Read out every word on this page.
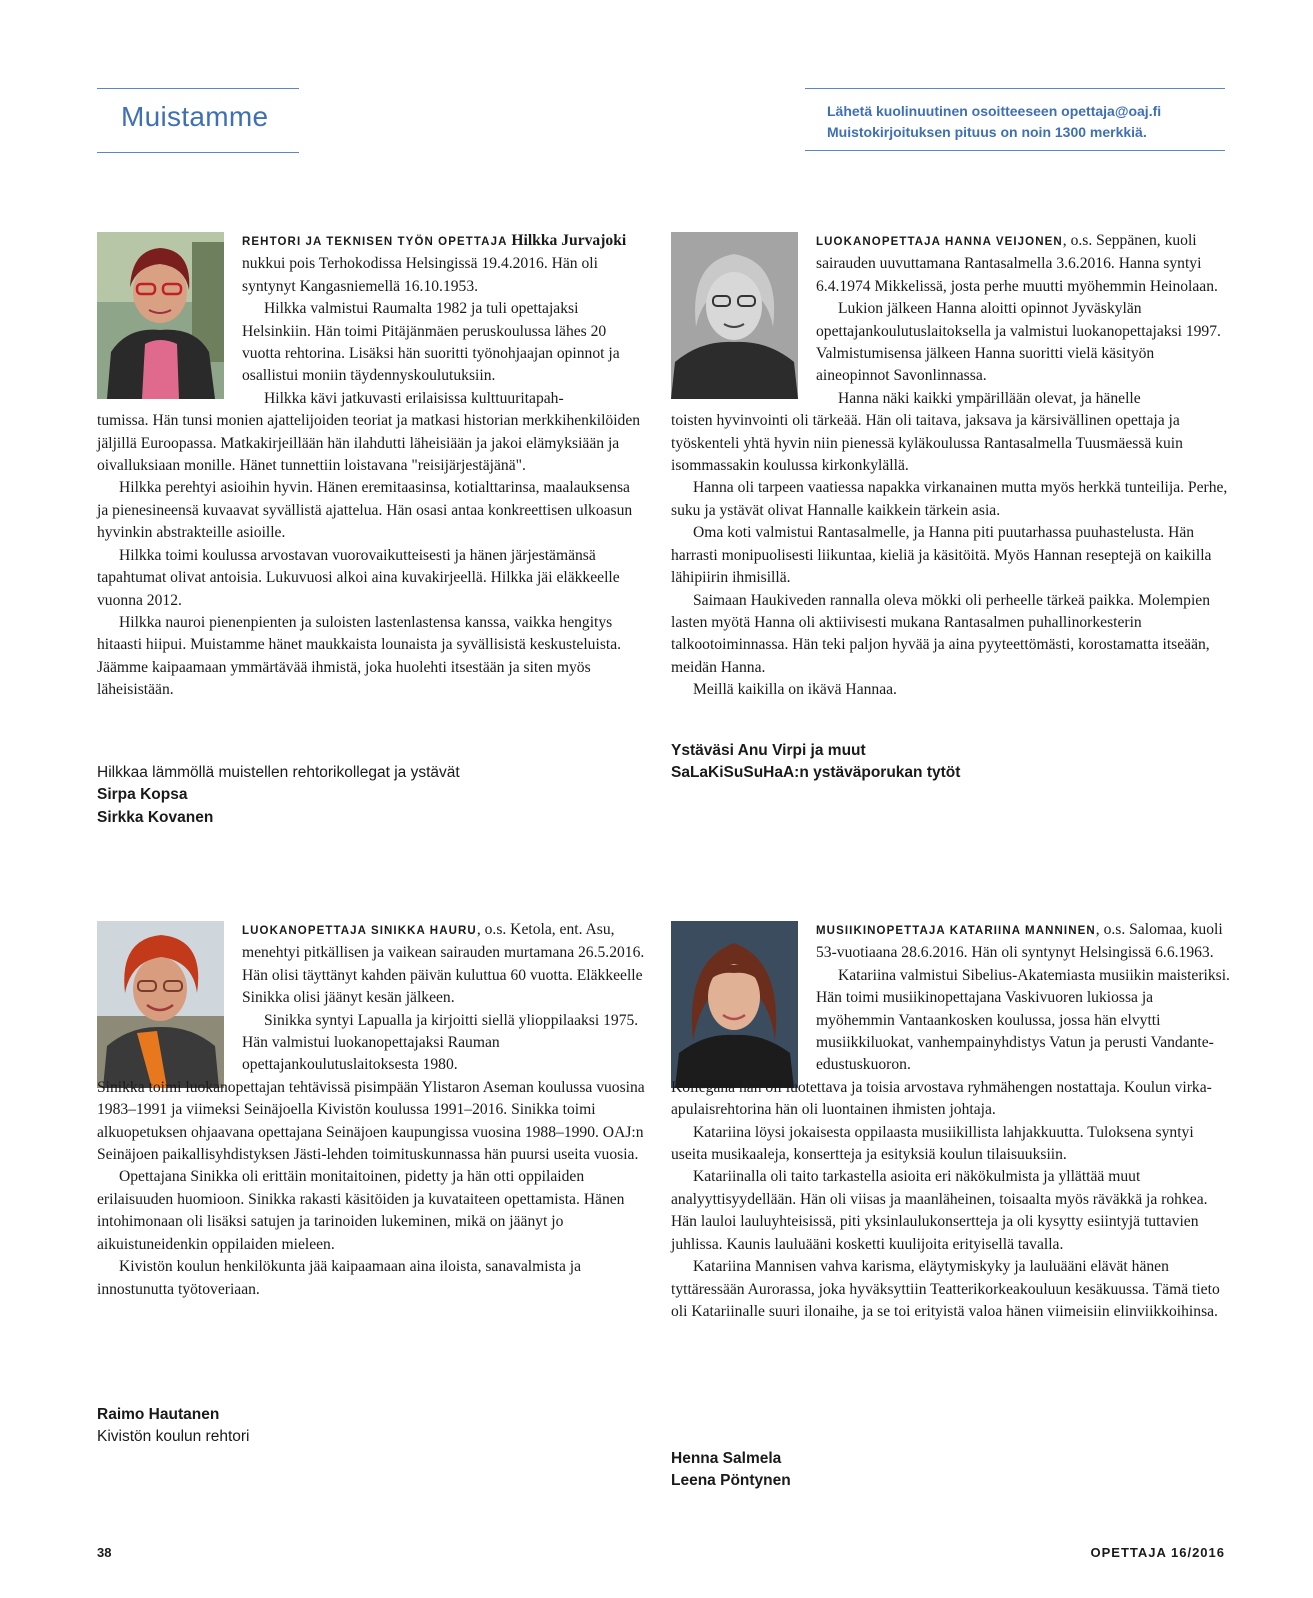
Muistamme	Lähetä kuolinuutinen osoitteeseen opettaja@oaj.fi
Muistokirjoituksen pituus on noin 1300 merkkiä.

REHTORI JA TEKNISEN TYÖN OPETTAJA Hilkka Jurvajoki nukkui pois Terhokodissa Helsingissä 19.4.2016. Hän oli syntynyt Kangasniemellä 16.10.1953.

Hilkka valmistui Raumalta 1982 ja tuli opettajaksi Helsinkiin. Hän toimi Pitäjänmäen peruskoulussa lähes 20 vuotta rehtorina. Lisäksi hän suoritti työnohjaajan opinnot ja osallistui moniin täydennyskoulutuksiin.

Hilkka kävi jatkuvasti erilaisissa kulttuuritapah-

tumissa. Hän tunsi monien ajattelijoiden teoriat ja matkasi historian merkkihenkilöiden jäljillä Euroopassa. Matkakirjeillään hän ilahdutti läheisiään ja jakoi elämyksiään ja oivalluksiaan monille. Hänet tunnettiin loistavana "reisijärjestäjänä".

Hilkka perehtyi asioihin hyvin. Hänen eremitaasinsa, kotialttarinsa, maalauksensa ja pienesineensä kuvaavat syvällistä ajattelua. Hän osasi antaa konkreettisen ulkoasun hyvinkin abstrakteille asioille.

Hilkka toimi koulussa arvostavan vuorovaikutteisesti ja hänen järjestämänsä tapahtumat olivat antoisia. Lukuvuosi alkoi aina kuvakirjeellä. Hilkka jäi eläkkeelle vuonna 2012.

Hilkka nauroi pienenpienten ja suloisten lastenlastensa kanssa, vaikka hengitys hitaasti hiipui. Muistamme hänet maukkaista lounaista ja syvällisistä keskusteluista. Jäämme kaipaamaan ymmärtävää ihmistä, joka huolehti itsestään ja siten myös läheisistään.

Hilkkaa lämmöllä muistellen rehtorikollegat ja ystävät
Sirpa Kopsa
Sirkka Kovanen

LUOKANOPETTAJA HANNA VEIJONEN, o.s. Seppänen, kuoli sairauden uuvuttamana Rantasalmella 3.6.2016. Hanna syntyi 6.4.1974 Mikkelissä, josta perhe muutti myöhemmin Heinolaan.

Lukion jälkeen Hanna aloitti opinnot Jyväskylän opettajankoulutuslaitoksella ja valmistui luokanopettajaksi 1997. Valmistumisensa jälkeen Hanna suoritti vielä käsityön aineopinnot Savonlinnassa.

Hanna näki kaikki ympärillään olevat, ja hänelle

toisten hyvinvointi oli tärkeää. Hän oli taitava, jaksava ja kärsivällinen opettaja ja työskenteli yhtä hyvin niin pienessä kyläkoulussa Rantasalmella Tuusmäessä kuin isommassakin koulussa kirkonkylällä.

Hanna oli tarpeen vaatiessa napakka virkanainen mutta myös herkkä tunteilija. Perhe, suku ja ystävät olivat Hannalle kaikkein tärkein asia.

Oma koti valmistui Rantasalmelle, ja Hanna piti puutarhassa puuhastelusta. Hän harrasti monipuolisesti liikuntaa, kieliä ja käsitöitä. Myös Hannan reseptejä on kaikilla lähipiirin ihmisillä.

Saimaan Haukiveden rannalla oleva mökki oli perheelle tärkeä paikka. Molempien lasten myötä Hanna oli aktiivisesti mukana Rantasalmen puhallinorkesterin talkootoiminnassa. Hän teki paljon hyvää ja aina pyyteettömästi, korostamatta itseään, meidän Hanna.

Meillä kaikilla on ikävä Hannaa.

Ystäväsi Anu Virpi ja muut
SaLaKiSuSuHaA:n ystäväporukan tytöt

LUOKANOPETTAJA SINIKKA HAURU, o.s. Ketola, ent. Asu, menehtyi pitkällisen ja vaikean sairauden murtamana 26.5.2016. Hän olisi täyttänyt kahden päivän kuluttua 60 vuotta. Eläkkeelle Sinikka olisi jäänyt kesän jälkeen.

Sinikka syntyi Lapualla ja kirjoitti siellä ylioppilaaksi 1975. Hän valmistui luokanopettajaksi Rauman opettajankoulutuslaitoksesta 1980.

Sinikka toimi luokanopettajan tehtävissä pisimpään Ylistaron Aseman koulussa vuosina 1983–1991 ja viimeksi Seinäjoella Kivistön koulussa 1991–2016. Sinikka toimi alkuopetuksen ohjaavana opettajana Seinäjoen kaupungissa vuosina 1988–1990. OAJ:n Seinäjoen paikallisyhdistyksen Jästi-lehden toimituskunnassa hän puursi useita vuosia.

Opettajana Sinikka oli erittäin monitaitoinen, pidetty ja hän otti oppilaiden erilaisuuden huomioon. Sinikka rakasti käsitöiden ja kuvataiteen opettamista. Hänen intohimonaan oli lisäksi satujen ja tarinoiden lukeminen, mikä on jäänyt jo aikuistuneidenkin oppilaiden mieleen.

Kivistön koulun henkilökunta jää kaipaamaan aina iloista, sanavalmista ja innostunutta työtoveriaan.

Raimo Hautanen
Kivistön koulun rehtori

MUSIIKINOPETTAJA KATARIINA MANNINEN, o.s. Salomaa, kuoli 53-vuotiaana 28.6.2016. Hän oli syntynyt Helsingissä 6.6.1963.

Katariina valmistui Sibelius-Akatemiasta musiikin maisteriksi. Hän toimi musiikinopettajana Vaskivuoren lukiossa ja myöhemmin Vantaankosken koulussa, jossa hän elvytti musiikkiluokat, vanhempainyhdistys Vatun ja perusti Vandante-edustuskuoron.

Kollegana hän oli luotettava ja toisia arvostava ryhmähengen nostattaja. Koulun virka-apulaisrehtorina hän oli luontainen ihmisten johtaja.

Katariina löysi jokaisesta oppilaasta musiikillista lahjakkuutta. Tuloksena syntyi useita musikaaleja, konsertteja ja esityksiä koulun tilaisuuksiin.

Katariinalla oli taito tarkastella asioita eri näkökulmista ja yllättää muut analyyttisyydellään. Hän oli viisas ja maanläheinen, toisaalta myös räväkkä ja rohkea. Hän lauloi lauluyhteisissä, piti yksinlaulukonsertteja ja oli kysytty esiintyjä tuttavien juhlissa. Kaunis lauluääni kosketti kuulijoita erityisellä tavalla.

Katariina Mannisen vahva karisma, eläytymiskyky ja lauluääni elävät hänen tyttäressään Aurorassa, joka hyväksyttiin Teatterikorkeakouluun kesäkuussa. Tämä tieto oli Katariinalle suuri ilonaihe, ja se toi erityistä valoa hänen viimeisiin elinviikkoihinsa.

Henna Salmela
Leena Pöntynen
38	OPETTAJA 16/2016
